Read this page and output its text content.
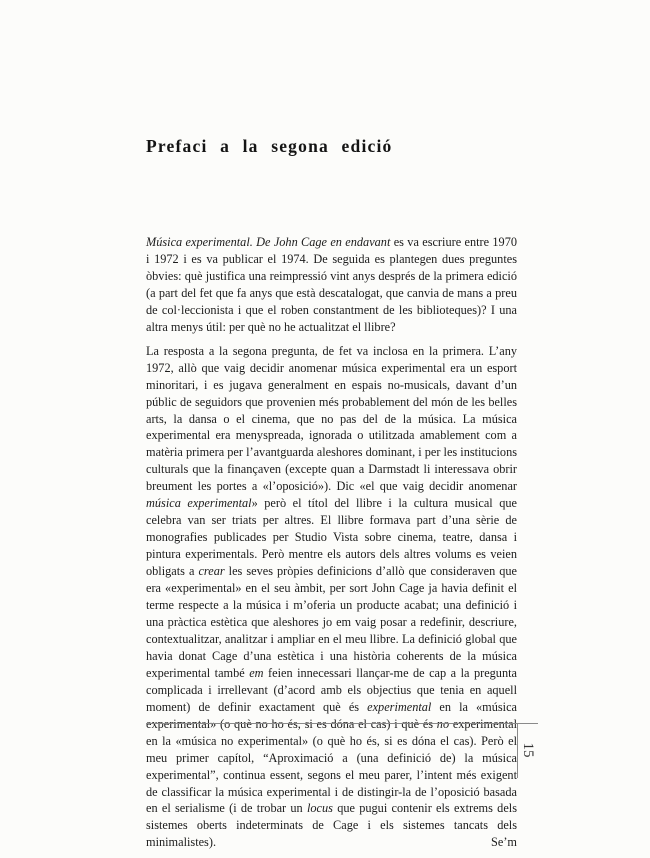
Prefaci a la segona edició

Música experimental. De John Cage en endavant es va escriure entre 1970 i 1972 i es va publicar el 1974. De seguida es plantegen dues preguntes òbvies: què justifica una reimpressió vint anys després de la primera edició (a part del fet que fa anys que està descatalogat, que canvia de mans a preu de col·leccionista i que el roben constantment de les biblioteques)? I una altra menys útil: per què no he actualitzat el llibre?

La resposta a la segona pregunta, de fet va inclosa en la primera. L’any 1972, allò que vaig decidir anomenar música experimental era un esport minoritari, i es jugava generalment en espais no-musicals, davant d’un públic de seguidors que provenien més probablement del món de les belles arts, la dansa o el cinema, que no pas del de la música. La música experimental era menyspreada, ignorada o utilitzada amablement com a matèria primera per l’avantguarda aleshores dominant, i per les institucions culturals que la finançaven (excepte quan a Darmstadt li interessava obrir breument les portes a «l’oposició»). Dic «el que vaig decidir anomenar música experimental» però el títol del llibre i la cultura musical que celebra van ser triats per altres. El llibre formava part d’una sèrie de monografies publicades per Studio Vista sobre cinema, teatre, dansa i pintura experimentals. Però mentre els autors dels altres volums es veien obligats a crear les seves pròpies definicions d’allò que consideraven que era «experimental» en el seu àmbit, per sort John Cage ja havia definit el terme respecte a la música i m’oferia un producte acabat; una definició i una pràctica estètica que aleshores jo em vaig posar a redefinir, descriure, contextualitzar, analitzar i ampliar en el meu llibre. La definició global que havia donat Cage d’una estètica i una història coherents de la música experimental també em feien innecessari llançar-me de cap a la pregunta complicada i irrellevant (d’acord amb els objectius que tenia en aquell moment) de definir exactament què és experimental en la «música experimental» (o què no ho és, si es dóna el cas) i què és no experimental en la «música no experimental» (o què ho és, si es dóna el cas). Però el meu primer capítol, “Aproximació a (una definició de) la música experimental”, continua essent, segons el meu parer, l’intent més exigent de classificar la música experimental i de distingir-la de l’oposició basada en el serialisme (i de trobar un locus que pugui contenir els extrems dels sistemes oberts indeterminats de Cage i els sistemes tancats dels minimalistes). Se’m

15
